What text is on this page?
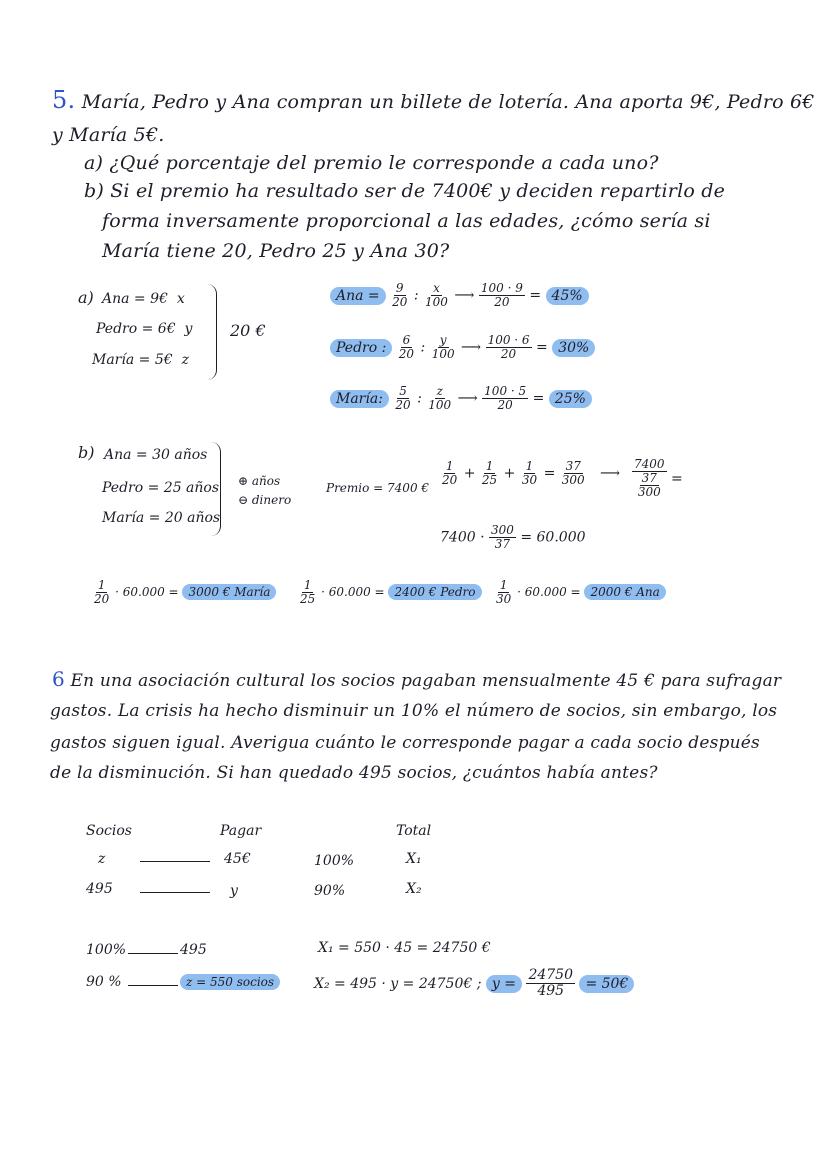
5. María, Pedro y Ana compran un billete de lotería. Ana aporta 9€, Pedro 6€
y María 5€.
a) ¿Qué porcentaje del premio le corresponde a cada uno?
b) Si el premio ha resultado ser de 7400€ y deciden repartirlo de
forma inversamente proporcional a las edades, ¿cómo sería si
María tiene 20, Pedro 25 y Ana 30?
a) Ana = 9€ x
Pedro = 6€ y
María = 5€ z
20 €
Ana = $\frac{9}{20}$ : $\frac{x}{100}$ ⟶ $\frac{100 \cdot 9}{20} = 45\%$
Pedro : $\frac{6}{20}$ : $\frac{y}{100}$ ⟶ $\frac{100 \cdot 6}{20} = 30\%$
María: $\frac{5}{20}$ : $\frac{z}{100}$ ⟶ $\frac{100 \cdot 5}{20} = 25\%$
b) Ana = 30 años
Pedro = 25 años
María = 20 años
⊕ años
⊖ dinero
Premio = 7400 €
$\frac{1}{20} + \frac{1}{25} + \frac{1}{30} = \frac{37}{300}$ ⟶ $\frac{7400}{\frac{37}{300}}$ =
$7400 \cdot \frac{300}{37} = 60.000$
$\frac{1}{20} \cdot 60.000 = 3000$ € María	$\frac{1}{25} \cdot 60.000 = 2400$ € Pedro	$\frac{1}{30} \cdot 60.000 = 2000$ € Ana
6 En una asociación cultural los socios pagaban mensualmente 45 € para sufragar
gastos. La crisis ha hecho disminuir un 10% el número de socios, sin embargo, los
gastos siguen igual. Averigua cuánto le corresponde pagar a cada socio después
de la disminución. Si han quedado 495 socios, ¿cuántos había antes?
Socios	Pagar	Total
z	45€	100%	X₁
495	y	90%	X₂
100%	495
90 %	z = 550 socios
X₁ = 550 · 45 = 24750 €
X₂ = 495 · y = 24750€ ; $y = \frac{24750}{495}$ = 50€
